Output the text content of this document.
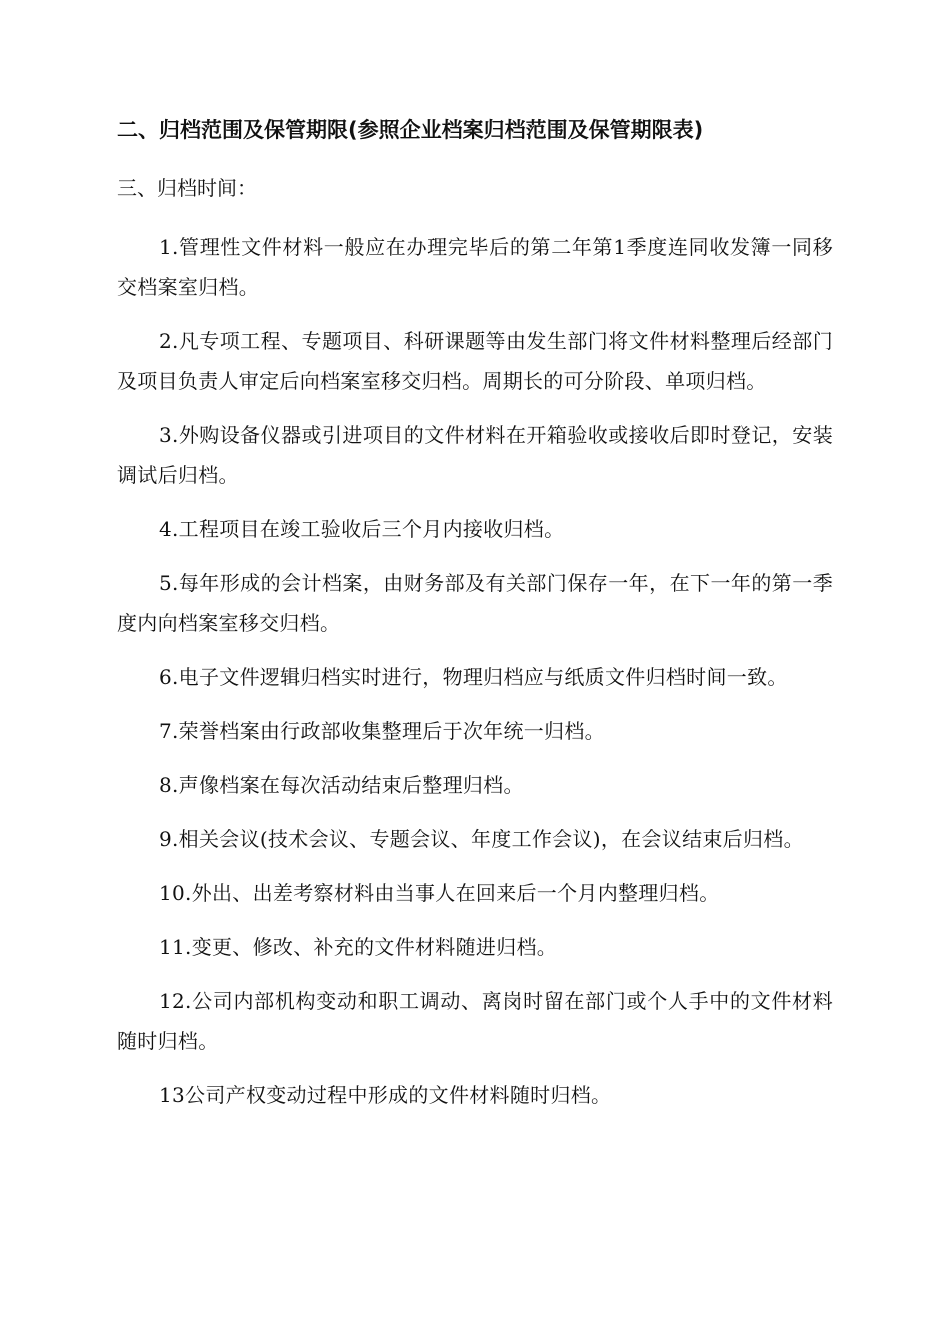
二、归档范围及保管期限(参照企业档案归档范围及保管期限表)
三、归档时间：

1.管理性文件材料一般应在办理完毕后的第二年第1季度连同收发簿一同移交档案室归档。

2.凡专项工程、专题项目、科研课题等由发生部门将文件材料整理后经部门及项目负责人审定后向档案室移交归档。周期长的可分阶段、单项归档。

3.外购设备仪器或引进项目的文件材料在开箱验收或接收后即时登记，安装调试后归档。

4.工程项目在竣工验收后三个月内接收归档。

5.每年形成的会计档案，由财务部及有关部门保存一年，在下一年的第一季度内向档案室移交归档。

6.电子文件逻辑归档实时进行，物理归档应与纸质文件归档时间一致。

7.荣誉档案由行政部收集整理后于次年统一归档。

8.声像档案在每次活动结束后整理归档。

9.相关会议(技术会议、专题会议、年度工作会议)，在会议结束后归档。

10.外出、出差考察材料由当事人在回来后一个月内整理归档。

11.变更、修改、补充的文件材料随进归档。

12.公司内部机构变动和职工调动、离岗时留在部门或个人手中的文件材料随时归档。

13公司产权变动过程中形成的文件材料随时归档。
